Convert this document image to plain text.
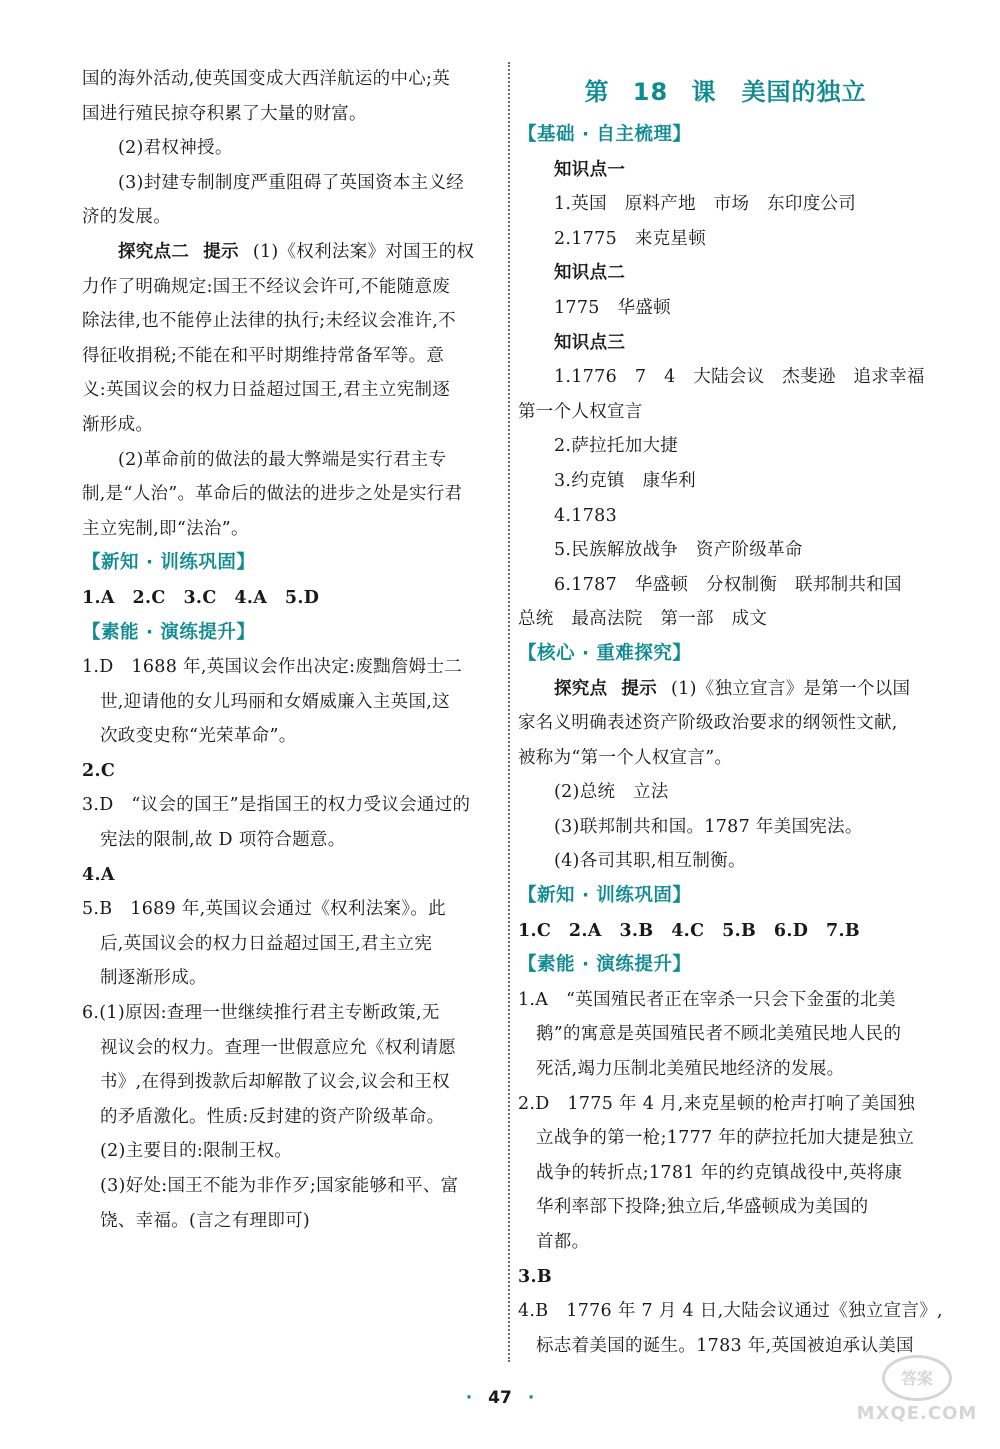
国的海外活动,使英国变成大西洋航运的中心;英
国进行殖民掠夺积累了大量的财富。
(2)君权神授。
(3)封建专制制度严重阻碍了英国资本主义经
济的发展。
探究点二 提示 (1)《权利法案》对国王的权
力作了明确规定:国王不经议会许可,不能随意废
除法律,也不能停止法律的执行;未经议会准许,不
得征收捐税;不能在和平时期维持常备军等。意
义:英国议会的权力日益超过国王,君主立宪制逐
渐形成。
(2)革命前的做法的最大弊端是实行君主专
制,是“人治”。革命后的做法的进步之处是实行君
主立宪制,即“法治”。
【新知 · 训练巩固】
1.A　2.C　3.C　4.A　5.D
【素能 · 演练提升】
1.D　1688 年,英国议会作出决定:废黜詹姆士二
世,迎请他的女儿玛丽和女婿威廉入主英国,这
次政变史称“光荣革命”。
2.C
3.D　“议会的国王”是指国王的权力受议会通过的
宪法的限制,故 D 项符合题意。
4.A
5.B　1689 年,英国议会通过《权利法案》。此
后,英国议会的权力日益超过国王,君主立宪
制逐渐形成。
6.(1)原因:查理一世继续推行君主专断政策,无
视议会的权力。查理一世假意应允《权利请愿
书》,在得到拨款后却解散了议会,议会和王权
的矛盾激化。性质:反封建的资产阶级革命。
(2)主要目的:限制王权。
(3)好处:国王不能为非作歹;国家能够和平、富
饶、幸福。(言之有理即可)
第 18 课　美国的独立
【基础 · 自主梳理】
知识点一
1.英国　原料产地　市场　东印度公司
2.1775　来克星顿
知识点二
1775　华盛顿
知识点三
1.1776　7　4　大陆会议　杰斐逊　追求幸福
第一个人权宣言
2.萨拉托加大捷
3.约克镇　康华利
4.1783
5.民族解放战争　资产阶级革命
6.1787　华盛顿　分权制衡　联邦制共和国
总统　最高法院　第一部　成文
【核心 · 重难探究】
探究点 提示 (1)《独立宣言》是第一个以国
家名义明确表述资产阶级政治要求的纲领性文献,
被称为“第一个人权宣言”。
(2)总统　立法
(3)联邦制共和国。1787 年美国宪法。
(4)各司其职,相互制衡。
【新知 · 训练巩固】
1.C　2.A　3.B　4.C　5.B　6.D　7.B
【素能 · 演练提升】
1.A　“英国殖民者正在宰杀一只会下金蛋的北美
鹅”的寓意是英国殖民者不顾北美殖民地人民的
死活,竭力压制北美殖民地经济的发展。
2.D　1775 年 4 月,来克星顿的枪声打响了美国独
立战争的第一枪;1777 年的萨拉托加大捷是独立
战争的转折点;1781 年的约克镇战役中,英将康
华利率部下投降;独立后,华盛顿成为美国的
首都。
3.B
4.B　1776 年 7 月 4 日,大陆会议通过《独立宣言》,
标志着美国的诞生。1783 年,英国被迫承认美国
· 47 ·
答案
MXQE.COM
